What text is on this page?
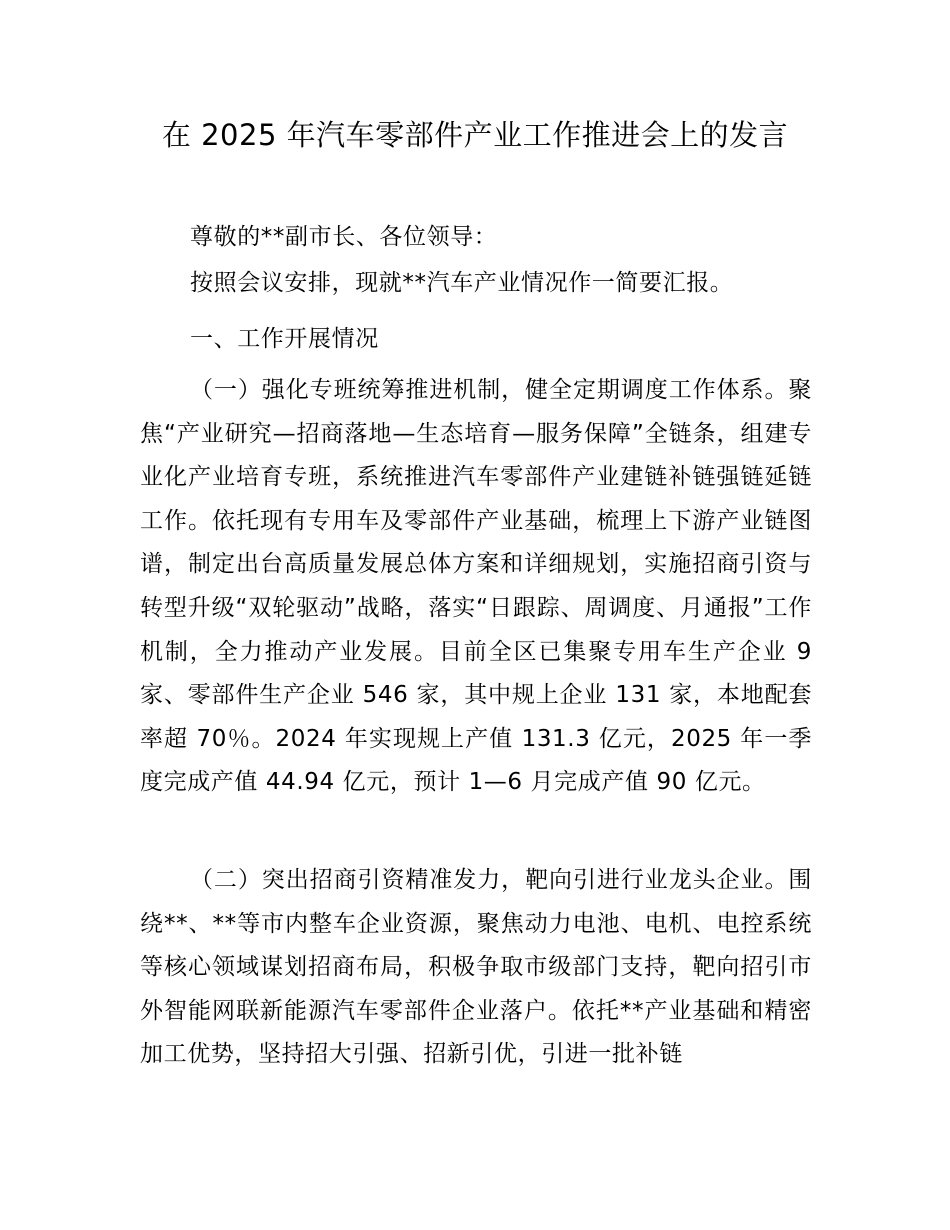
在 2025 年汽车零部件产业工作推进会上的发言

尊敬的**副市长、各位领导：

按照会议安排，现就**汽车产业情况作一简要汇报。

一、工作开展情况

（一）强化专班统筹推进机制，健全定期调度工作体系。聚焦“产业研究—招商落地—生态培育—服务保障”全链条，组建专业化产业培育专班，系统推进汽车零部件产业建链补链强链延链工作。依托现有专用车及零部件产业基础，梳理上下游产业链图谱，制定出台高质量发展总体方案和详细规划，实施招商引资与转型升级“双轮驱动”战略，落实“日跟踪、周调度、月通报”工作机制，全力推动产业发展。目前全区已集聚专用车生产企业 9 家、零部件生产企业 546 家，其中规上企业 131 家，本地配套率超 70％。2024 年实现规上产值 131.3 亿元，2025 年一季度完成产值 44.94 亿元，预计 1—6 月完成产值 90 亿元。

（二）突出招商引资精准发力，靶向引进行业龙头企业。围绕**、**等市内整车企业资源，聚焦动力电池、电机、电控系统等核心领域谋划招商布局，积极争取市级部门支持，靶向招引市外智能网联新能源汽车零部件企业落户。依托**产业基础和精密加工优势，坚持招大引强、招新引优，引进一批补链
